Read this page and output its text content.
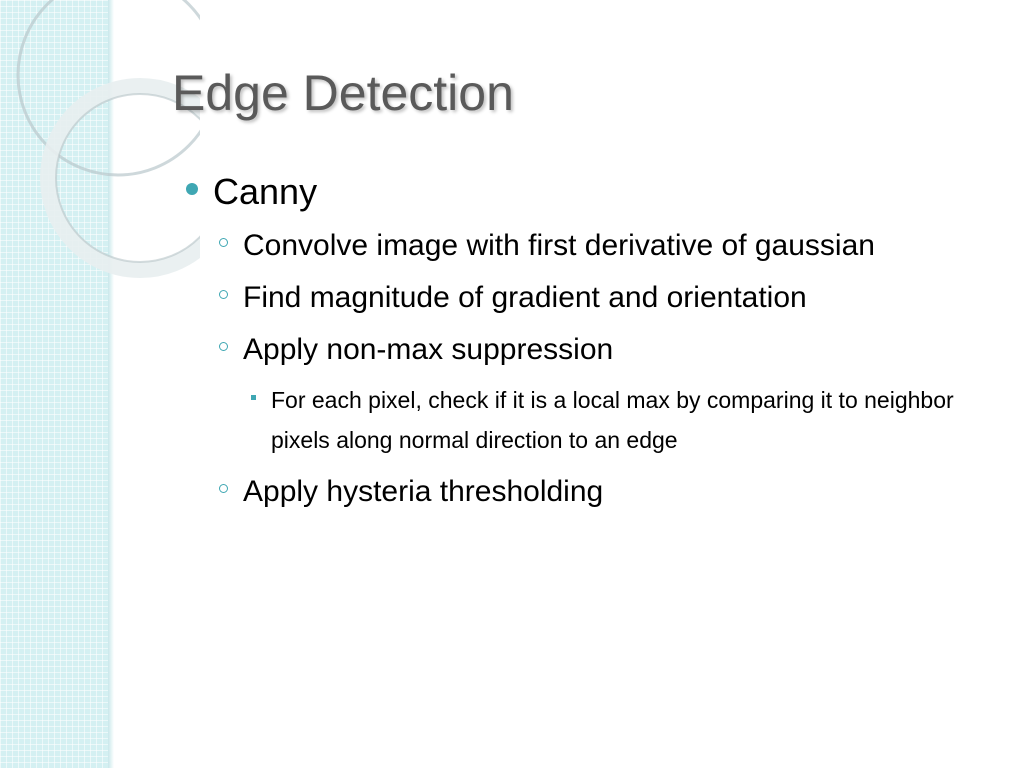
Edge Detection
Canny
Convolve image with first derivative of gaussian
Find magnitude of gradient and orientation
Apply non-max suppression
For each pixel, check if it is a local max by comparing it to neighbor pixels along normal direction to an edge
Apply hysteria thresholding
